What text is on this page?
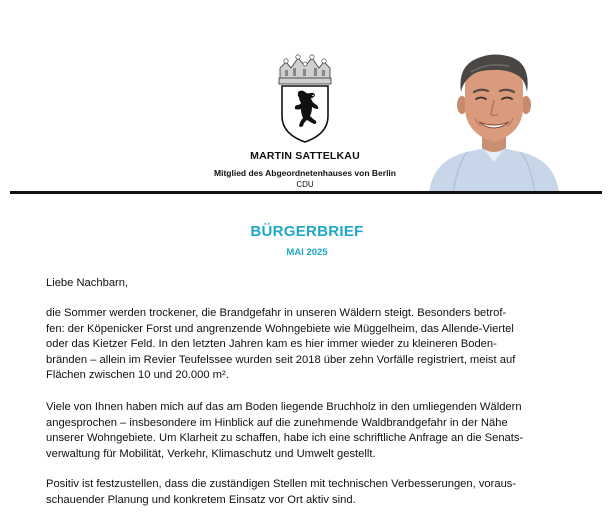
MARTIN SATTELKAU
Mitglied des Abgeordnetenhauses von Berlin
CDU
BÜRGERBRIEF
MAI 2025
Liebe Nachbarn,
die Sommer werden trockener, die Brandgefahr in unseren Wäldern steigt. Besonders betrof-
fen: der Köpenicker Forst und angrenzende Wohngebiete wie Müggelheim, das Allende-Viertel
oder das Kietzer Feld. In den letzten Jahren kam es hier immer wieder zu kleineren Boden-
bränden – allein im Revier Teufelssee wurden seit 2018 über zehn Vorfälle registriert, meist auf
Flächen zwischen 10 und 20.000 m².
Viele von Ihnen haben mich auf das am Boden liegende Bruchholz in den umliegenden Wäldern
angesprochen – insbesondere im Hinblick auf die zunehmende Waldbrandgefahr in der Nähe
unserer Wohngebiete. Um Klarheit zu schaffen, habe ich eine schriftliche Anfrage an die Senats-
verwaltung für Mobilität, Verkehr, Klimaschutz und Umwelt gestellt.
Positiv ist festzustellen, dass die zuständigen Stellen mit technischen Verbesserungen, voraus-
schauender Planung und konkretem Einsatz vor Ort aktiv sind.
